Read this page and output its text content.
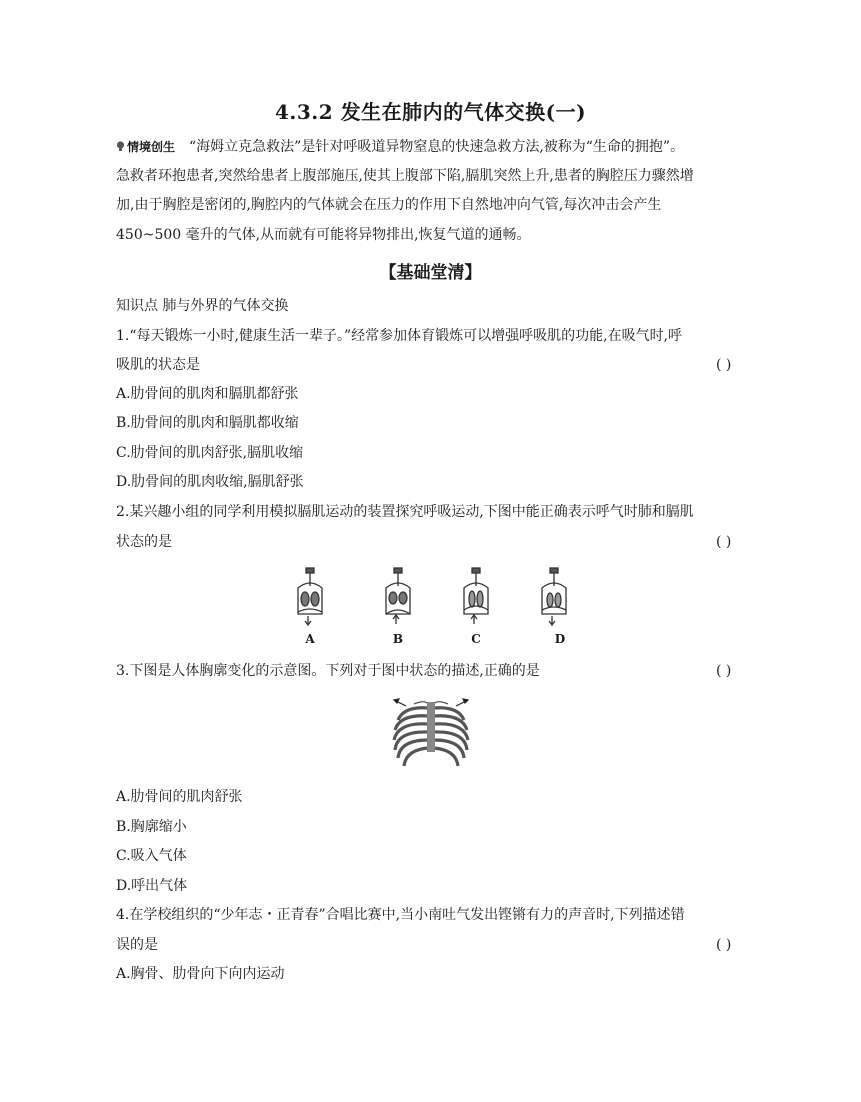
4.3.2 发生在肺内的气体交换(一)
情境创生 “海姆立克急救法”是针对呼吸道异物窒息的快速急救方法,被称为“生命的拥抱”。
急救者环抱患者,突然给患者上腹部施压,使其上腹部下陷,膈肌突然上升,患者的胸腔压力骤然增
加,由于胸腔是密闭的,胸腔内的气体就会在压力的作用下自然地冲向气管,每次冲击会产生
450~500 毫升的气体,从而就有可能将异物排出,恢复气道的通畅。
【基础堂清】
知识点 肺与外界的气体交换
1.“每天锻炼一小时,健康生活一辈子。”经常参加体育锻炼可以增强呼吸肌的功能,在吸气时,呼
吸肌的状态是	( )
A.肋骨间的肌肉和膈肌都舒张
B.肋骨间的肌肉和膈肌都收缩
C.肋骨间的肌肉舒张,膈肌收缩
D.肋骨间的肌肉收缩,膈肌舒张
2.某兴趣小组的同学利用模拟膈肌运动的装置探究呼吸运动,下图中能正确表示呼气时肺和膈肌
状态的是	( )
A	B	C	D
3.下图是人体胸廓变化的示意图。下列对于图中状态的描述,正确的是	( )
A.肋骨间的肌肉舒张
B.胸廓缩小
C.吸入气体
D.呼出气体
4.在学校组织的“少年志・正青春”合唱比赛中,当小南吐气发出铿锵有力的声音时,下列描述错
误的是	( )
A.胸骨、肋骨向下向内运动
